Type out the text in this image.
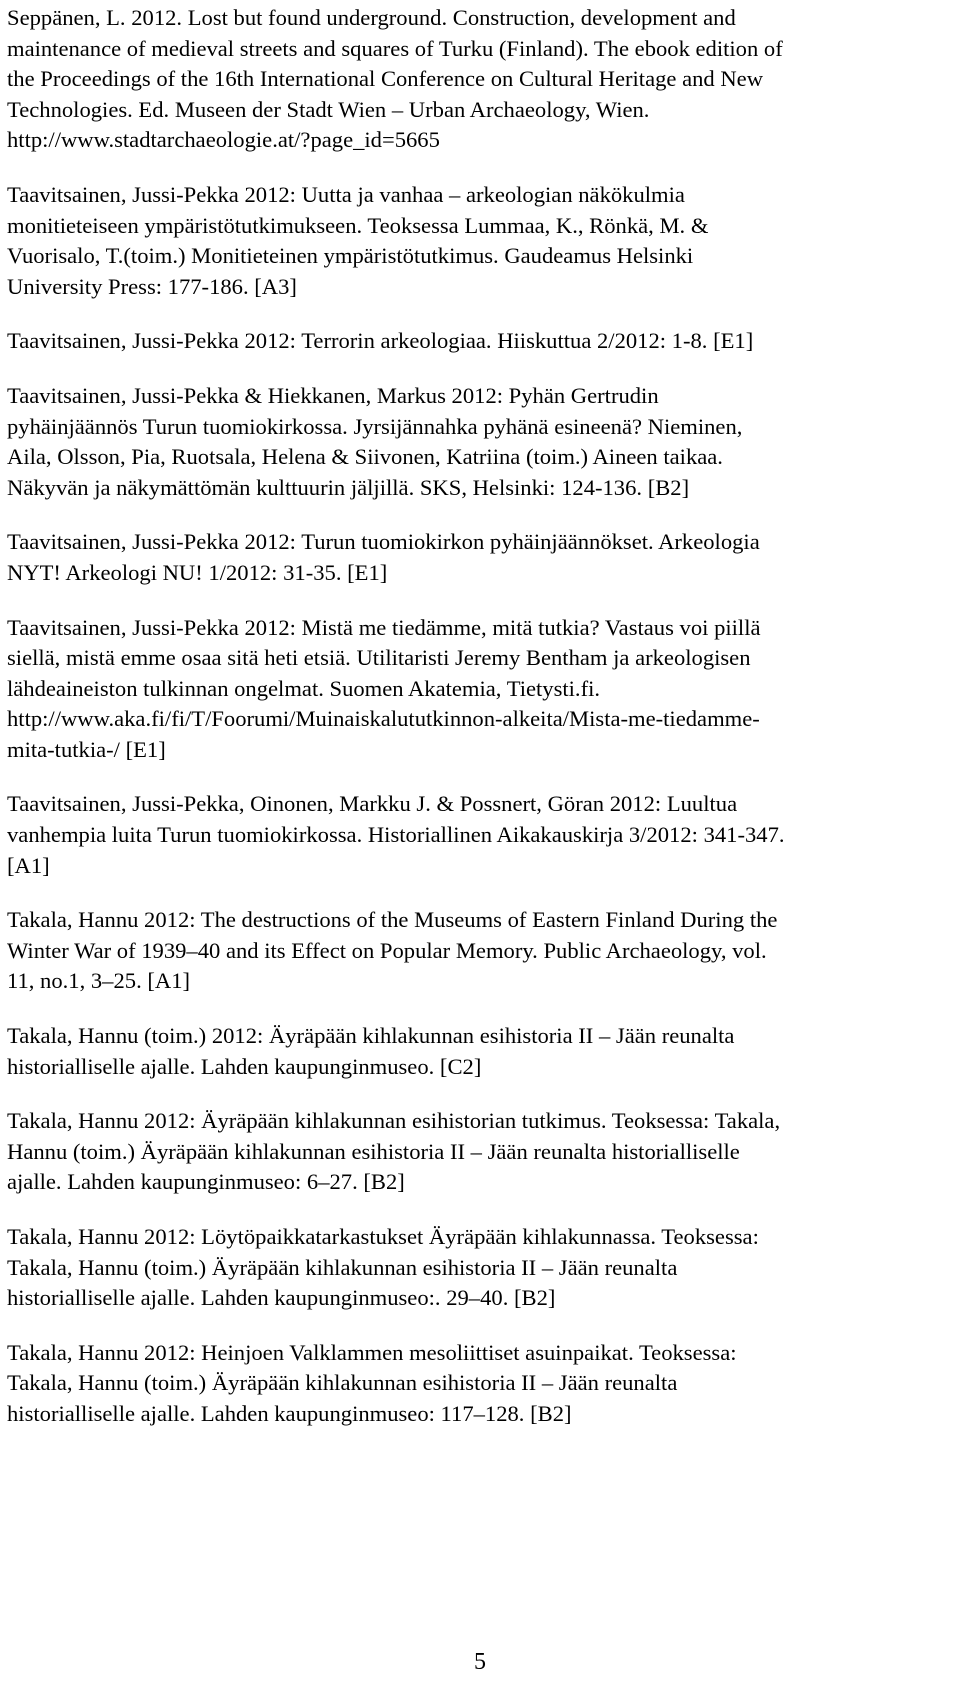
Seppänen, L. 2012. Lost but found underground. Construction, development and
maintenance of medieval streets and squares of Turku (Finland). The ebook edition of
the Proceedings of the 16th International Conference on Cultural Heritage and New
Technologies. Ed. Museen der Stadt Wien – Urban Archaeology, Wien.
http://www.stadtarchaeologie.at/?page_id=5665

Taavitsainen, Jussi-Pekka 2012: Uutta ja vanhaa – arkeologian näkökulmia
monitieteiseen ympäristötutkimukseen. Teoksessa Lummaa, K., Rönkä, M. &
Vuorisalo, T.(toim.) Monitieteinen ympäristötutkimus. Gaudeamus Helsinki
University Press: 177-186. [A3]

Taavitsainen, Jussi-Pekka 2012: Terrorin arkeologiaa. Hiiskuttua 2/2012: 1-8. [E1]

Taavitsainen, Jussi-Pekka & Hiekkanen, Markus 2012: Pyhän Gertrudin
pyhäinjäännös Turun tuomiokirkossa. Jyrsijännahka pyhänä esineenä? Nieminen,
Aila, Olsson, Pia, Ruotsala, Helena & Siivonen, Katriina (toim.) Aineen taikaa.
Näkyvän ja näkymättömän kulttuurin jäljillä. SKS, Helsinki: 124-136. [B2]

Taavitsainen, Jussi-Pekka 2012: Turun tuomiokirkon pyhäinjäännökset. Arkeologia
NYT! Arkeologi NU! 1/2012: 31-35. [E1]

Taavitsainen, Jussi-Pekka 2012: Mistä me tiedämme, mitä tutkia? Vastaus voi piillä
siellä, mistä emme osaa sitä heti etsiä. Utilitaristi Jeremy Bentham ja arkeologisen
lähdeaineiston tulkinnan ongelmat. Suomen Akatemia, Tietysti.fi.
http://www.aka.fi/fi/T/Foorumi/Muinaiskalututkinnon-alkeita/Mista-me-tiedamme-
mita-tutkia-/ [E1]

Taavitsainen, Jussi-Pekka, Oinonen, Markku J. & Possnert, Göran 2012: Luultua
vanhempia luita Turun tuomiokirkossa. Historiallinen Aikakauskirja 3/2012: 341-347.
[A1]

Takala, Hannu 2012: The destructions of the Museums of Eastern Finland During the
Winter War of 1939–40 and its Effect on Popular Memory. Public Archaeology, vol.
11, no.1, 3–25. [A1]

Takala, Hannu (toim.) 2012: Äyräpään kihlakunnan esihistoria II – Jään reunalta
historialliselle ajalle. Lahden kaupunginmuseo. [C2]

Takala, Hannu 2012: Äyräpään kihlakunnan esihistorian tutkimus. Teoksessa: Takala,
Hannu (toim.) Äyräpään kihlakunnan esihistoria II – Jään reunalta historialliselle
ajalle. Lahden kaupunginmuseo: 6–27. [B2]

Takala, Hannu 2012: Löytöpaikkatarkastukset Äyräpään kihlakunnassa. Teoksessa:
Takala, Hannu (toim.) Äyräpään kihlakunnan esihistoria II – Jään reunalta
historialliselle ajalle. Lahden kaupunginmuseo:. 29–40. [B2]

Takala, Hannu 2012: Heinjoen Valklammen mesoliittiset asuinpaikat. Teoksessa:
Takala, Hannu (toim.) Äyräpään kihlakunnan esihistoria II – Jään reunalta
historialliselle ajalle. Lahden kaupunginmuseo: 117–128. [B2]

5
